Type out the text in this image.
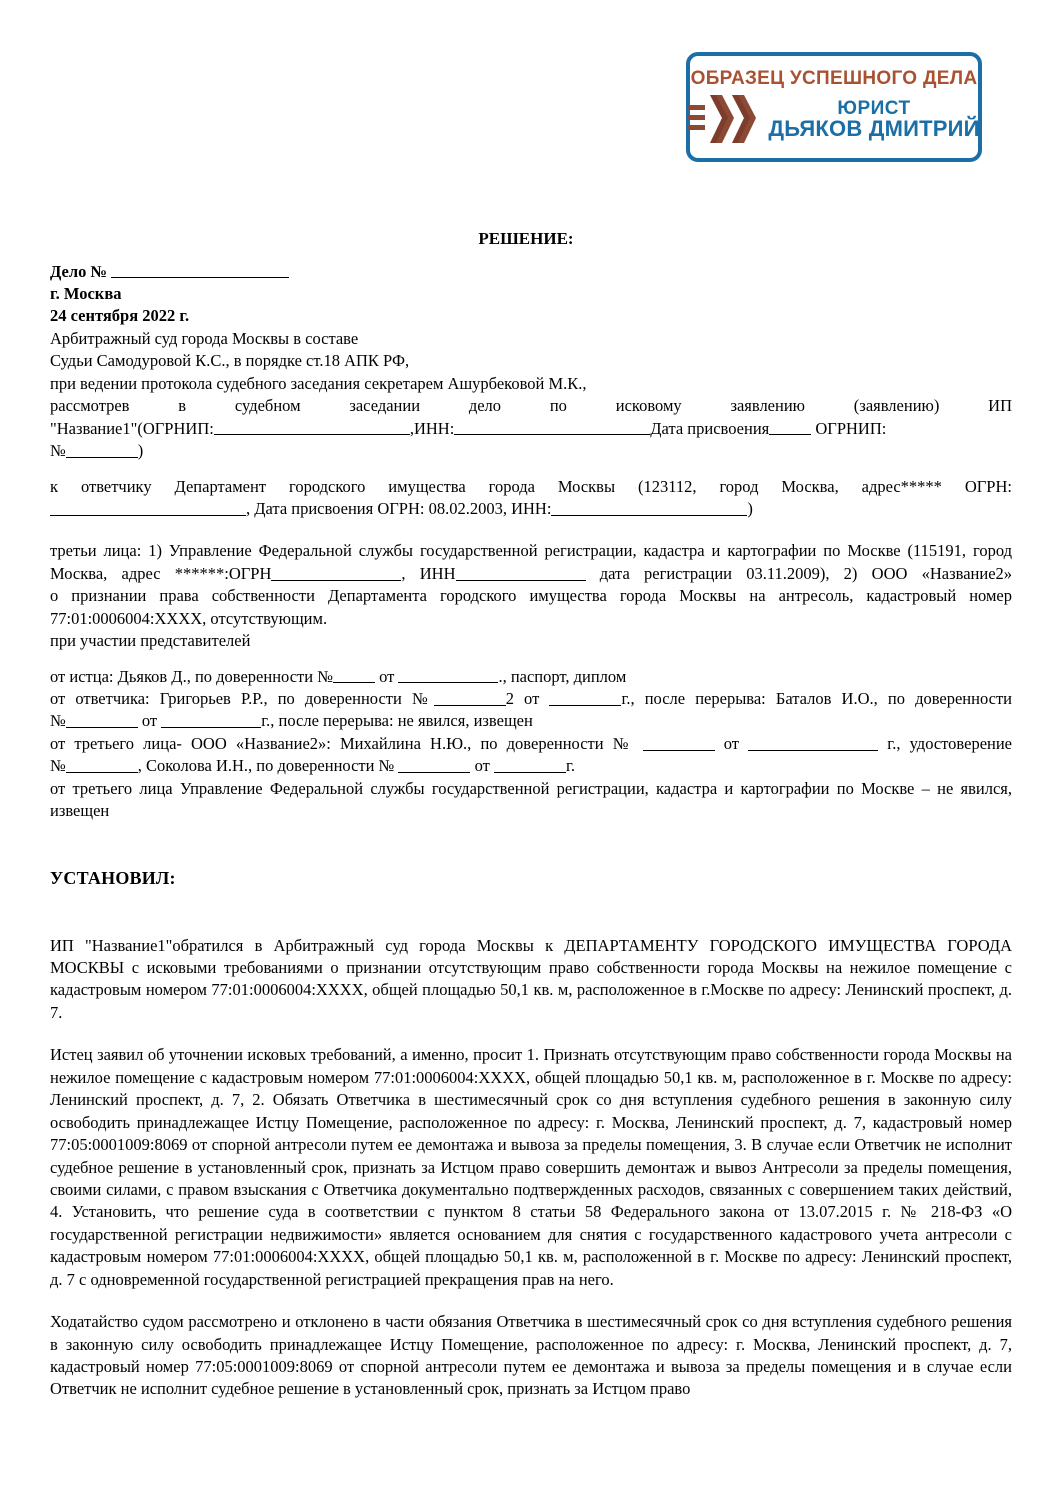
ОБРАЗЕЦ УСПЕШНОГО ДЕЛА
ЮРИСТ
ДЬЯКОВ ДМИТРИЙ

РЕШЕНИЕ:

Дело №

г. Москва

24 сентября 2022 г.

Арбитражный суд города Москвы в составе

Судьи Самодуровой К.С., в порядке ст.18 АПК РФ,

при ведении протокола судебного заседания секретарем Ашурбековой М.К.,

рассмотрев в судебном заседании дело по исковому заявлению (заявлению) ИП

"Название1"(ОГРНИП:	,ИНН:	Дата присвоения	ОГРНИП:

№	)

к ответчику Департамент городского имущества города Москвы (123112, город Москва, адрес***** ОГРН:

, Дата присвоения ОГРН: 08.02.2003, ИНН:	)

третьи лица: 1) Управление Федеральной службы государственной регистрации, кадастра и картографии по Москве (115191, город Москва, адрес ******:ОГРН	, ИНН	дата регистрации 03.11.2009), 2) ООО «Название2»

о признании права собственности Департамента городского имущества города Москвы на антресоль, кадастровый номер 77:01:0006004:XXXX, отсутствующим.

при участии представителей

от истца: Дьяков Д., по доверенности №	от	., паспорт, диплом

от ответчика: Григорьев Р.Р., по доверенности №	2 от	г., после перерыва: Баталов И.О., по доверенности

№	от	г., после перерыва: не явился, извещен

от третьего лица- ООО «Название2»: Михайлина Н.Ю., по доверенности №	от	г., удостоверение

№	, Соколова И.Н., по доверенности №	от	г.

от третьего лица Управление Федеральной службы государственной регистрации, кадастра и картографии по Москве – не явился, извещен

УСТАНОВИЛ:

ИП "Название1"обратился в Арбитражный суд города Москвы к ДЕПАРТАМЕНТУ ГОРОДСКОГО ИМУЩЕСТВА ГОРОДА МОСКВЫ с исковыми требованиями о признании отсутствующим право собственности города Москвы на нежилое помещение с кадастровым номером 77:01:0006004:XXXX, общей площадью 50,1 кв. м, расположенное в г.Москве по адресу: Ленинский проспект, д. 7.

Истец заявил об уточнении исковых требований, а именно, просит 1. Признать отсутствующим право собственности города Москвы на нежилое помещение с кадастровым номером 77:01:0006004:XXXX, общей площадью 50,1 кв. м, расположенное в г. Москве по адресу: Ленинский проспект, д. 7, 2. Обязать Ответчика в шестимесячный срок со дня вступления судебного решения в законную силу освободить принадлежащее Истцу Помещение, расположенное по адресу: г. Москва, Ленинский проспект, д. 7, кадастровый номер 77:05:0001009:8069 от спорной антресоли путем ее демонтажа и вывоза за пределы помещения, 3. В случае если Ответчик не исполнит судебное решение в установленный срок, признать за Истцом право совершить демонтаж и вывоз Антресоли за пределы помещения, своими силами, с правом взыскания с Ответчика документально подтвержденных расходов, связанных с совершением таких действий, 4. Установить, что решение суда в соответствии с пунктом 8 статьи 58 Федерального закона от 13.07.2015 г. № 218-ФЗ «О государственной регистрации недвижимости» является основанием для снятия с государственного кадастрового учета антресоли с кадастровым номером 77:01:0006004:XXXX, общей площадью 50,1 кв. м, расположенной в г. Москве по адресу: Ленинский проспект, д. 7 с одновременной государственной регистрацией прекращения прав на него.

Ходатайство судом рассмотрено и отклонено в части обязания Ответчика в шестимесячный срок со дня вступления судебного решения в законную силу освободить принадлежащее Истцу Помещение, расположенное по адресу: г. Москва, Ленинский проспект, д. 7, кадастровый номер 77:05:0001009:8069 от спорной антресоли путем ее демонтажа и вывоза за пределы помещения и в случае если Ответчик не исполнит судебное решение в установленный срок, признать за Истцом право
